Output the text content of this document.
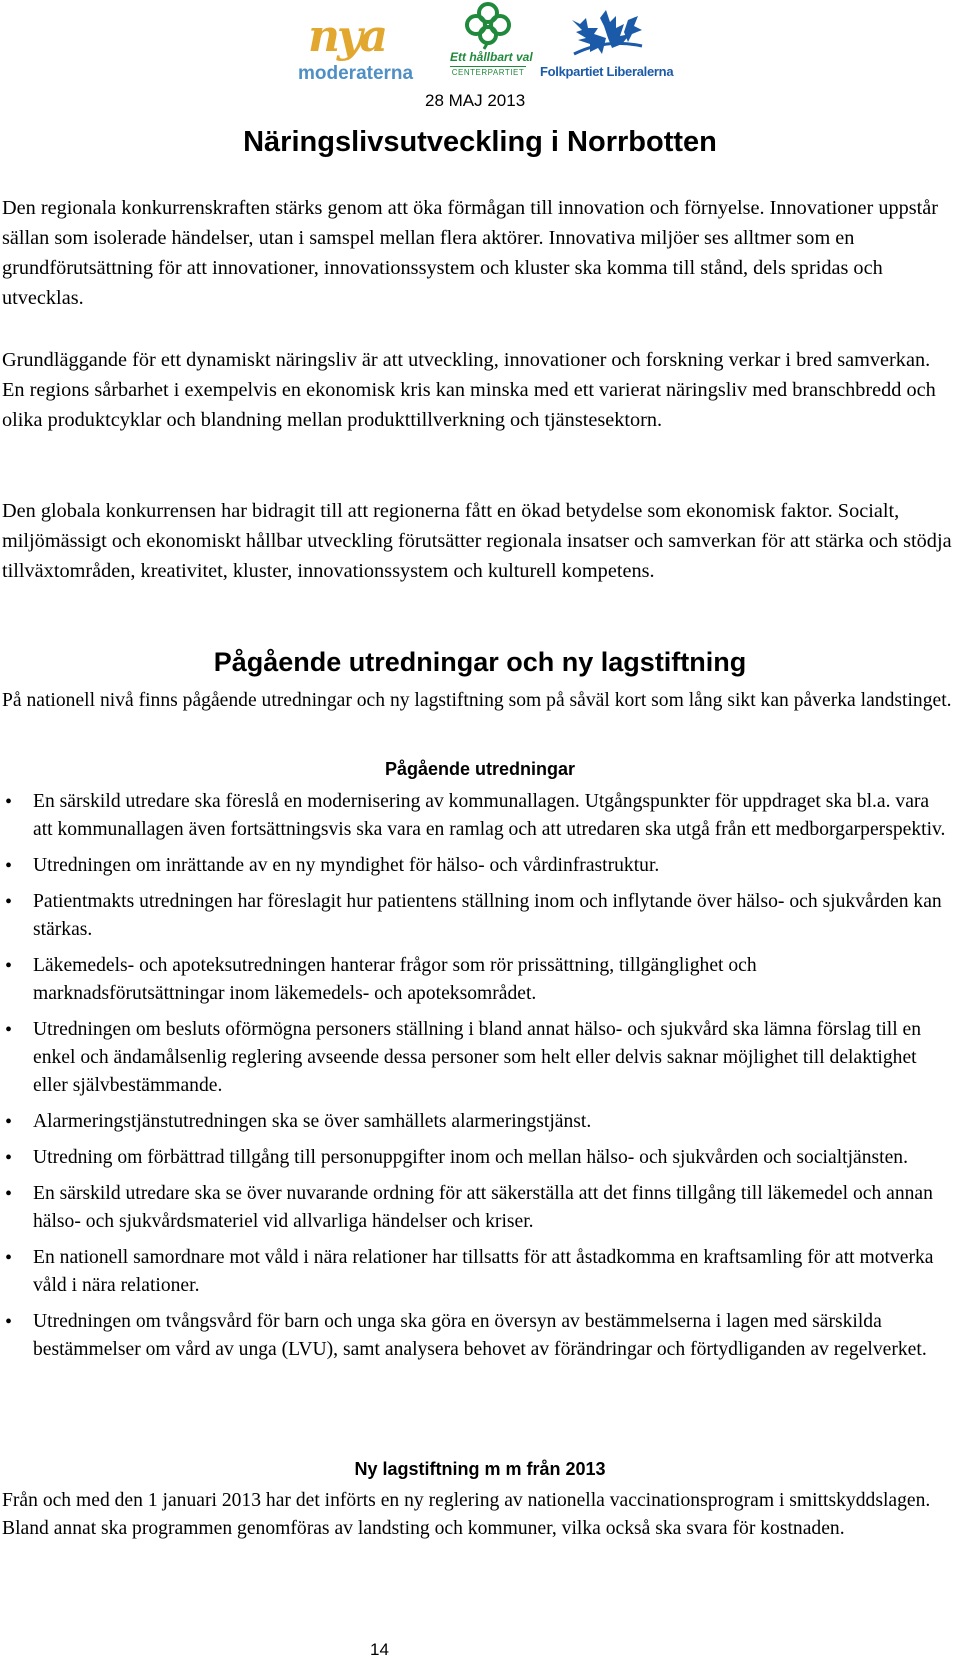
nya
moderaterna
Ett hållbart val
CENTERPARTIET Folkpartiet Liberalerna
28 MAJ 2013
Näringslivsutveckling i Norrbotten

Den regionala konkurrenskraften stärks genom att öka förmågan till innovation och förnyelse. Innovationer uppstår sällan som isolerade händelser, utan i samspel mellan flera aktörer. Innovativa miljöer ses alltmer som en grundförutsättning för att innovationer, innovationssystem och kluster ska komma till stånd, dels spridas och utvecklas.

Grundläggande för ett dynamiskt näringsliv är att utveckling, innovationer och forskning verkar i bred samverkan. En regions sårbarhet i exempelvis en ekonomisk kris kan minska med ett varierat näringsliv med branschbredd och olika produktcyklar och blandning mellan produkttillverkning och tjänstesektorn.

Den globala konkurrensen har bidragit till att regionerna fått en ökad betydelse som ekonomisk faktor. Socialt, miljömässigt och ekonomiskt hållbar utveckling förutsätter regionala insatser och samverkan för att stärka och stödja tillväxtområden, kreativitet, kluster, innovationssystem och kulturell kompetens.

Pågående utredningar och ny lagstiftning

På nationell nivå finns pågående utredningar och ny lagstiftning som på såväl kort som lång sikt kan påverka landstinget.

Pågående utredningar
• En särskild utredare ska föreslå en modernisering av kommunallagen. Utgångspunkter för uppdraget ska bl.a. vara att kommunallagen även fortsättningsvis ska vara en ramlag och att utredaren ska utgå från ett medborgarperspektiv.
• Utredningen om inrättande av en ny myndighet för hälso- och vårdinfrastruktur.
• Patientmakts utredningen har föreslagit hur patientens ställning inom och inflytande över hälso- och sjukvården kan stärkas.
• Läkemedels- och apoteksutredningen hanterar frågor som rör prissättning, tillgänglighet och marknadsförutsättningar inom läkemedels- och apoteksområdet.
• Utredningen om besluts oförmögna personers ställning i bland annat hälso- och sjukvård ska lämna förslag till en enkel och ändamålsenlig reglering avseende dessa personer som helt eller delvis saknar möjlighet till delaktighet eller självbestämmande.
• Alarmeringstjänstutredningen ska se över samhällets alarmeringstjänst.
• Utredning om förbättrad tillgång till personuppgifter inom och mellan hälso- och sjukvården och socialtjänsten.
• En särskild utredare ska se över nuvarande ordning för att säkerställa att det finns tillgång till läkemedel och annan hälso- och sjukvårdsmateriel vid allvarliga händelser och kriser.
• En nationell samordnare mot våld i nära relationer har tillsatts för att åstadkomma en kraftsamling för att motverka våld i nära relationer.
• Utredningen om tvångsvård för barn och unga ska göra en översyn av bestämmelserna i lagen med särskilda bestämmelser om vård av unga (LVU), samt analysera behovet av förändringar och förtydliganden av regelverket.
Ny lagstiftning m m från 2013

Från och med den 1 januari 2013 har det införts en ny reglering av nationella vaccinationsprogram i smittskyddslagen. Bland annat ska programmen genomföras av landsting och kommuner, vilka också ska svara för kostnaden.

14
